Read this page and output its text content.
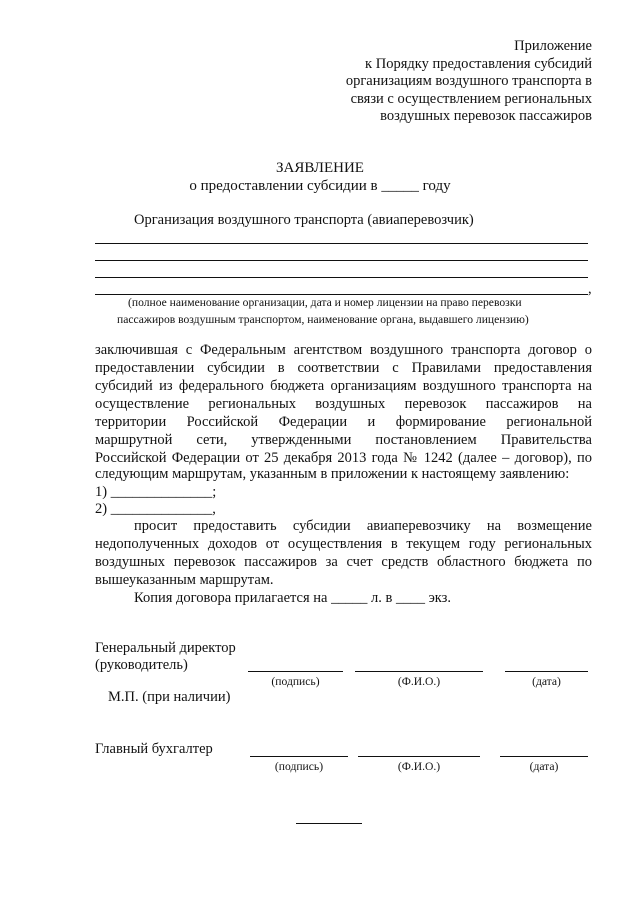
Приложение
к Порядку предоставления субсидий
организациям воздушного транспорта в
связи с осуществлением региональных
воздушных перевозок пассажиров
ЗАЯВЛЕНИЕ
о предоставлении субсидии в _____ году
Организация воздушного транспорта (авиаперевозчик)
,
(полное наименование организации, дата и номер лицензии на право перевозки
пассажиров воздушным транспортом, наименование органа, выдавшего лицензию)
заключившая с Федеральным агентством воздушного транспорта договор о
предоставлении субсидии в соответствии с Правилами предоставления
субсидий из федерального бюджета организациям воздушного транспорта на
осуществление региональных воздушных перевозок пассажиров на
территории Российской Федерации и формирование региональной
маршрутной сети, утвержденными постановлением Правительства
Российской Федерации от 25 декабря 2013 года № 1242 (далее – договор), по
следующим маршрутам, указанным в приложении к настоящему заявлению:
1) ______________;
2) ______________,
просит предоставить субсидии авиаперевозчику на возмещение
недополученных доходов от осуществления в текущем году региональных
воздушных перевозок пассажиров за счет средств областного бюджета по
вышеуказанным маршрутам.
Копия договора прилагается на _____ л. в ____ экз.
Генеральный директор
(руководитель)
(подпись)	(Ф.И.О.)	(дата)
М.П. (при наличии)
Главный бухгалтер
(подпись)	(Ф.И.О.)	(дата)
